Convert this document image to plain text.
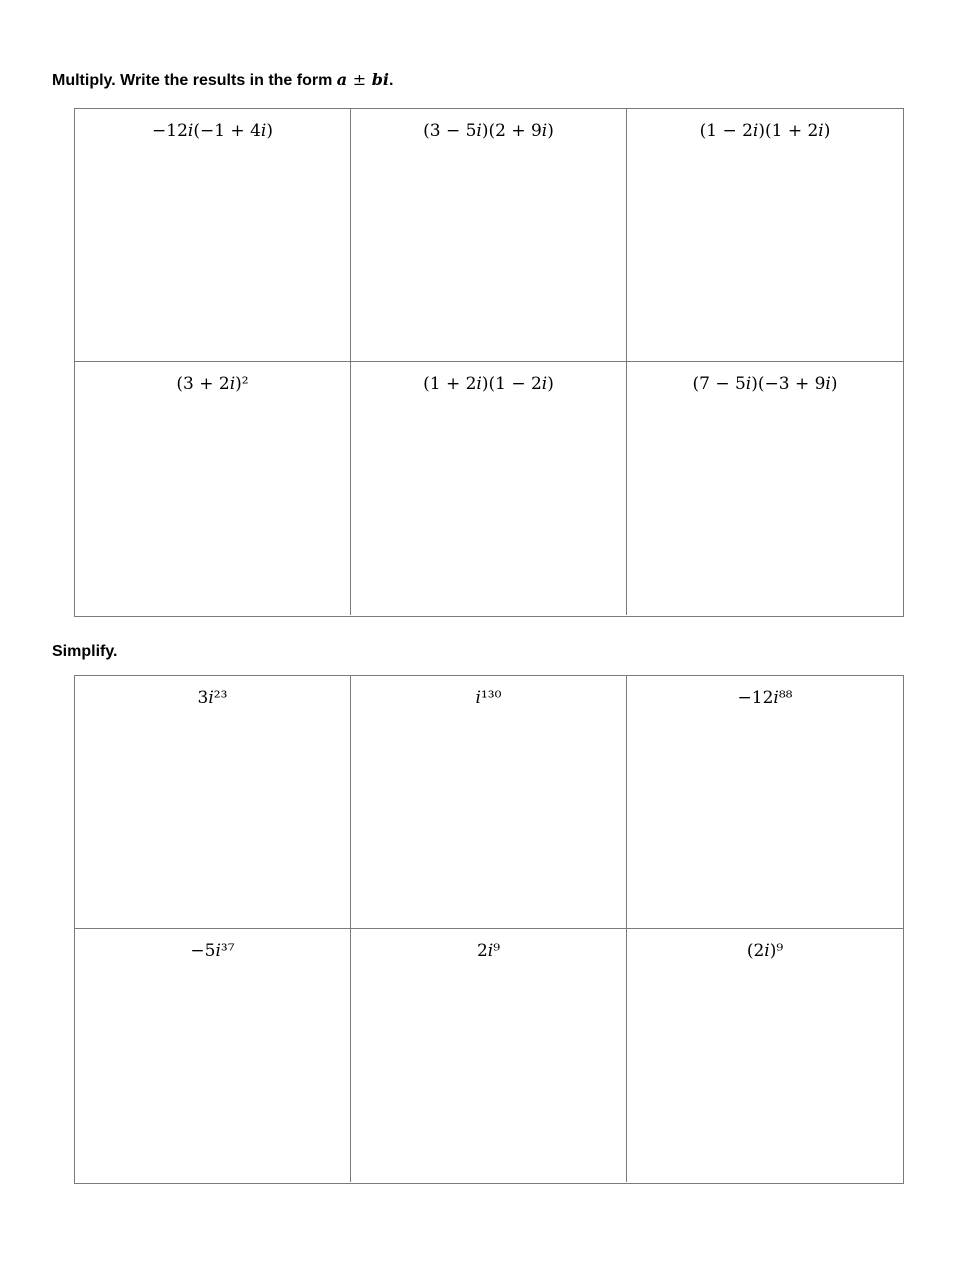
Multiply. Write the results in the form a ± bi.
−12𝑖(−1 + 4𝑖)	(3 − 5𝑖)(2 + 9𝑖)	(1 − 2𝑖)(1 + 2𝑖)
(3 + 2𝑖)²	(1 + 2𝑖)(1 − 2𝑖)	(7 − 5𝑖)(−3 + 9𝑖)
Simplify.
3𝑖²³	𝑖¹³⁰	−12𝑖⁸⁸
−5𝑖³⁷	2𝑖⁹	(2𝑖)⁹
